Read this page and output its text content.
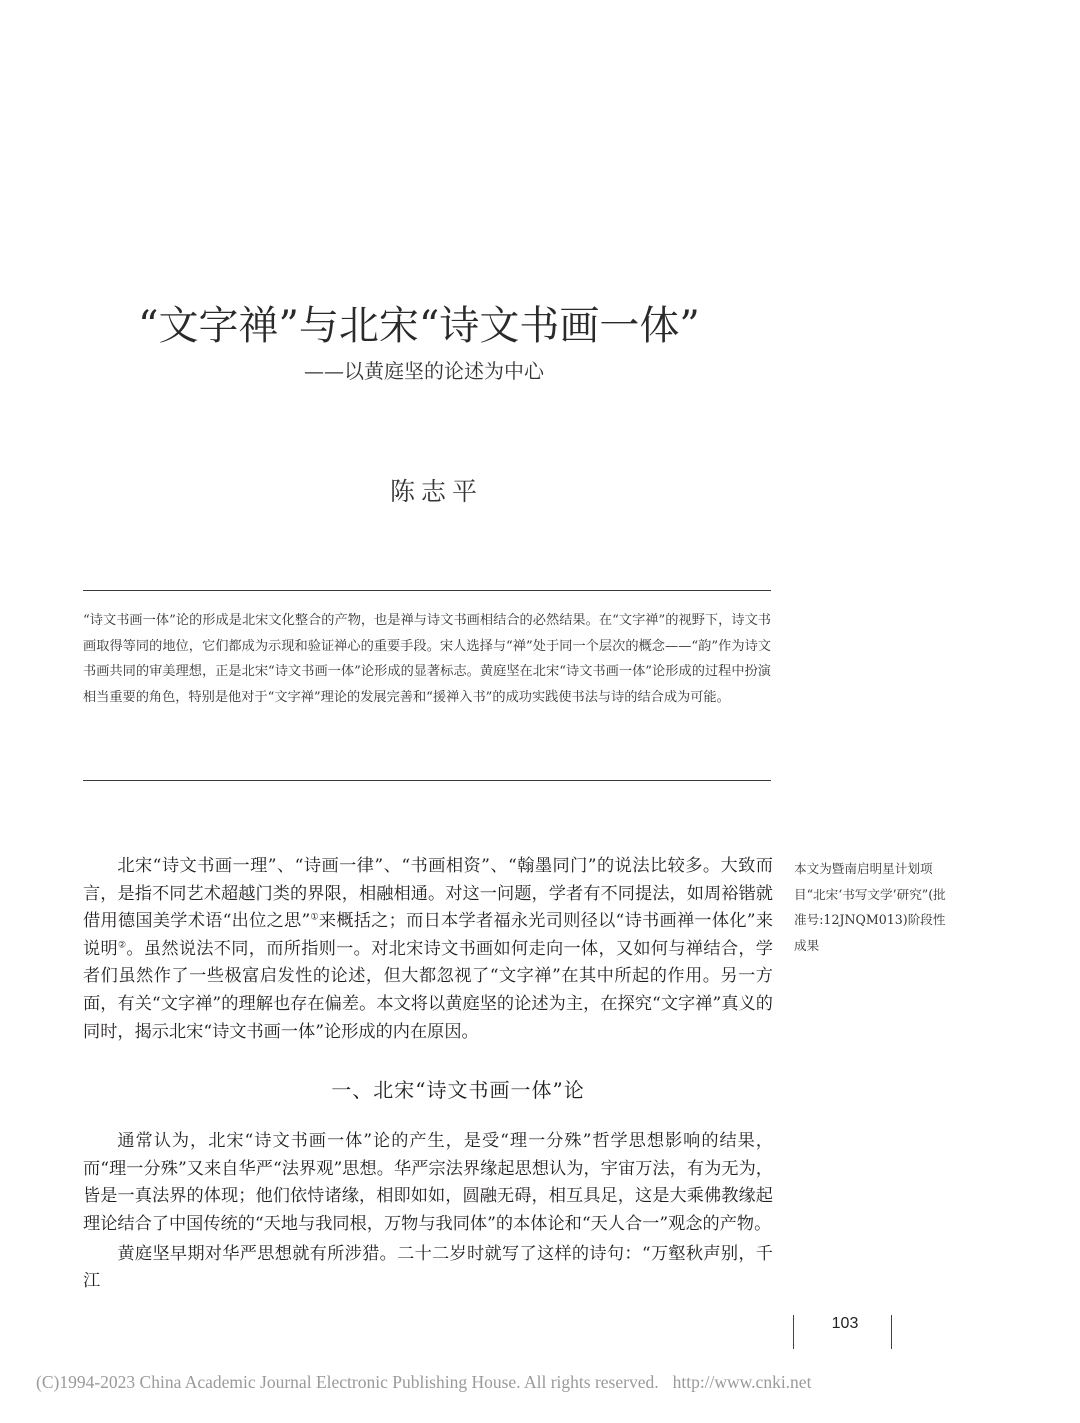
“文字禅”与北宋“诗文书画一体”
——以黄庭坚的论述为中心
陈志平
“诗文书画一体”论的形成是北宋文化整合的产物，也是禅与诗文书画相结合的必然结果。在“文字禅”的视野下，诗文书画取得等同的地位，它们都成为示现和验证禅心的重要手段。宋人选择与“禅”处于同一个层次的概念——“韵”作为诗文书画共同的审美理想，正是北宋“诗文书画一体”论形成的显著标志。黄庭坚在北宋“诗文书画一体”论形成的过程中扮演相当重要的角色，特别是他对于“文字禅”理论的发展完善和“援禅入书”的成功实践使书法与诗的结合成为可能。

北宋“诗文书画一理”、“诗画一律”、“书画相资”、“翰墨同门”的说法比较多。大致而言，是指不同艺术超越门类的界限，相融相通。对这一问题，学者有不同提法，如周裕锴就借用德国美学术语“出位之思”①来概括之；而日本学者福永光司则径以“诗书画禅一体化”来说明②。虽然说法不同，而所指则一。对北宋诗文书画如何走向一体，又如何与禅结合，学者们虽然作了一些极富启发性的论述，但大都忽视了“文字禅”在其中所起的作用。另一方面，有关“文字禅”的理解也存在偏差。本文将以黄庭坚的论述为主，在探究“文字禅”真义的同时，揭示北宋“诗文书画一体”论形成的内在原因。

一、北宋“诗文书画一体”论

通常认为，北宋“诗文书画一体”论的产生，是受“理一分殊”哲学思想影响的结果，而“理一分殊”又来自华严“法界观”思想。华严宗法界缘起思想认为，宇宙万法，有为无为，皆是一真法界的体现；他们依恃诸缘，相即如如，圆融无碍，相互具足，这是大乘佛教缘起理论结合了中国传统的“天地与我同根，万物与我同体”的本体论和“天人合一”观念的产物。

黄庭坚早期对华严思想就有所涉猎。二十二岁时就写了这样的诗句：“万壑秋声别，千江

本文为暨南启明星计划项目“北宋‘书写文学’研究”(批准号:12JNQM013)阶段性成果
103
(C)1994-2023 China Academic Journal Electronic Publishing House. All rights reserved. http://www.cnki.net
